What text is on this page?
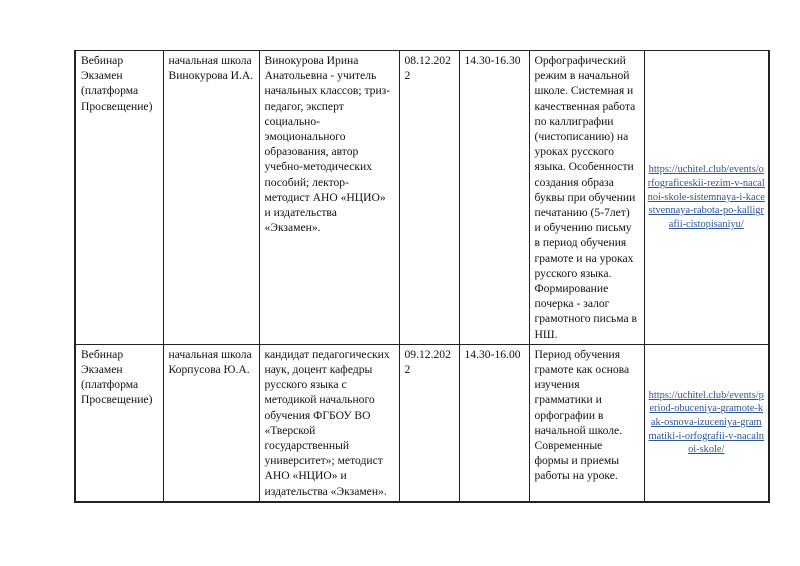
Вебинар Экзамен (платформа Просвещение)	начальная школа Винокурова И.А.	Винокурова Ирина Анатольевна - учитель начальных классов; триз-педагог, эксперт социально-эмоционального образования, автор учебно-методических пособий; лектор-методист АНО «НЦИО» и издательства «Экзамен».	08.12.2022	14.30-16.30	Орфографический режим в начальной школе. Системная и качественная работа по каллиграфии (чистописанию) на уроках русского языка. Особенности создания образа буквы при обучении печатанию (5-7лет) и обучению письму в период обучения грамоте и на уроках русского языка. Формирование почерка - залог грамотного письма в НШ.	https://uchitel.club/events/orfograficeskii-rezim-v-nacalnoi-skole-sistemnaya-i-kacestvennaya-rabota-po-kalligrafii-cistopisaniyu/
Вебинар Экзамен (платформа Просвещение)	начальная школа Корпусова Ю.А.	кандидат педагогических наук, доцент кафедры русского языка с методикой начального обучения ФГБОУ ВО «Тверской государственный университет»; методист АНО «НЦИО» и издательства «Экзамен».	09.12.2022	14.30-16.00	Период обучения грамоте как основа изучения грамматики и орфографии в начальной школе. Современные формы и приемы работы на уроке.	https://uchitel.club/events/period-obuceniya-gramote-kak-osnova-izuceniya-grammatiki-i-orfografii-v-nacalnoi-skole/
